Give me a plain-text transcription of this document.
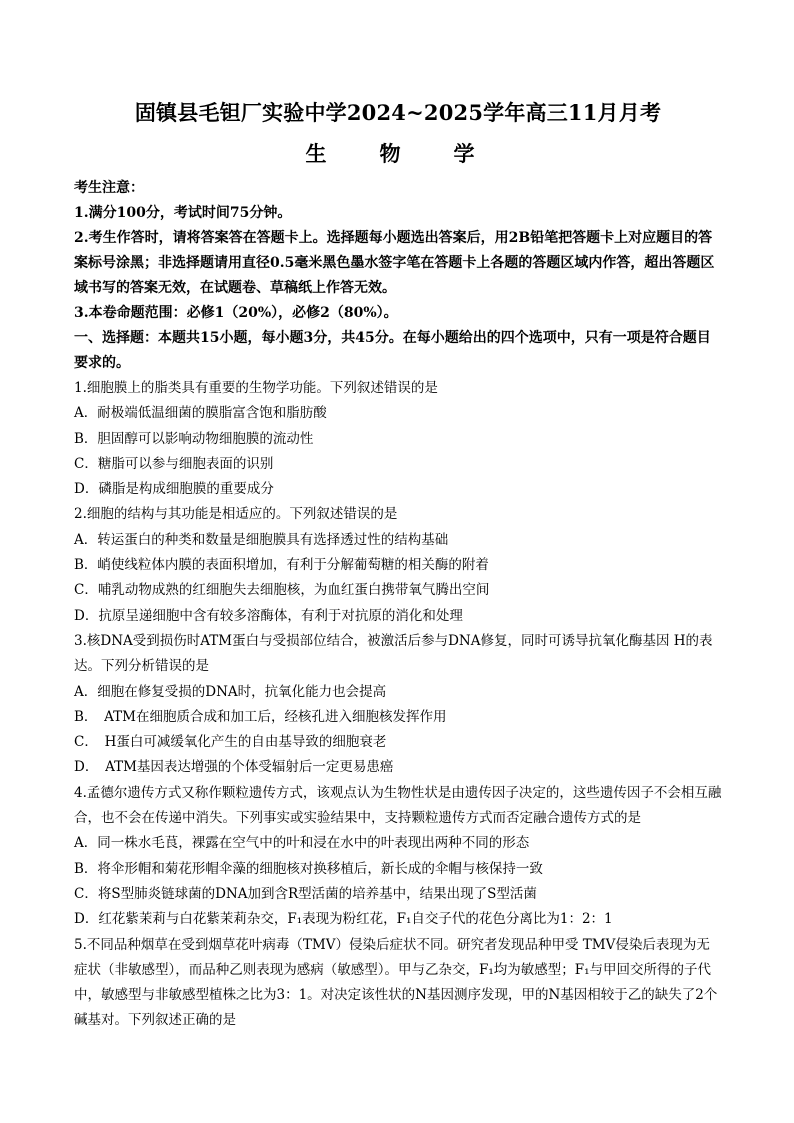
固镇县毛钽厂实验中学2024~2025学年高三11月月考
生　物　学
考生注意：
1.满分100分，考试时间75分钟。
2.考生作答时，请将答案答在答题卡上。选择题每小题选出答案后，用2B铅笔把答题卡上对应题目的答案标号涂黑；非选择题请用直径0.5毫米黑色墨水签字笔在答题卡上各题的答题区域内作答，超出答题区域书写的答案无效，在试题卷、草稿纸上作答无效。
3.本卷命题范围：必修1（20%），必修2（80%）。
一、选择题：本题共15小题，每小题3分，共45分。在每小题给出的四个选项中，只有一项是符合题目要求的。

1.细胞膜上的脂类具有重要的生物学功能。下列叙述错误的是

A．耐极端低温细菌的膜脂富含饱和脂肪酸

B．胆固醇可以影响动物细胞膜的流动性

C．糖脂可以参与细胞表面的识别

D．磷脂是构成细胞膜的重要成分

2.细胞的结构与其功能是相适应的。下列叙述错误的是

A．转运蛋白的种类和数量是细胞膜具有选择透过性的结构基础

B．峭使线粒体内膜的表面积增加，有利于分解葡萄糖的相关酶的附着

C．哺乳动物成熟的红细胞失去细胞核，为血红蛋白携带氧气腾出空间

D．抗原呈递细胞中含有较多溶酶体，有利于对抗原的消化和处理

3.核DNA受到损伤时ATM蛋白与受损部位结合，被激活后参与DNA修复，同时可诱导抗氧化酶基因 H的表达。下列分析错误的是

A．细胞在修复受损的DNA时，抗氧化能力也会提高

B．　ATM在细胞质合成和加工后，经核孔进入细胞核发挥作用

C．　H蛋白可减缓氧化产生的自由基导致的细胞衰老

D．　ATM基因表达增强的个体受辐射后一定更易患癌

4.孟德尔遗传方式又称作颗粒遗传方式，该观点认为生物性状是由遗传因子决定的，这些遗传因子不会相互融合，也不会在传递中消失。下列事实或实验结果中，支持颗粒遗传方式而否定融合遗传方式的是

A．同一株水毛茛，裸露在空气中的叶和浸在水中的叶表现出两种不同的形态

B．将伞形帽和菊花形帽伞藻的细胞核对换移植后，新长成的伞帽与核保持一致

C．将S型肺炎链球菌的DNA加到含R型活菌的培养基中，结果出现了S型活菌

D．红花紫茉莉与白花紫茉莉杂交，F₁表现为粉红花，F₁自交子代的花色分离比为1：2：1

5.不同品种烟草在受到烟草花叶病毒（TMV）侵染后症状不同。研究者发现品种甲受 TMV侵染后表现为无症状（非敏感型），而品种乙则表现为感病（敏感型）。甲与乙杂交，F₁均为敏感型；F₁与甲回交所得的子代中，敏感型与非敏感型植株之比为3：1。对决定该性状的N基因测序发现，甲的N基因相较于乙的缺失了2个碱基对。下列叙述正确的是
